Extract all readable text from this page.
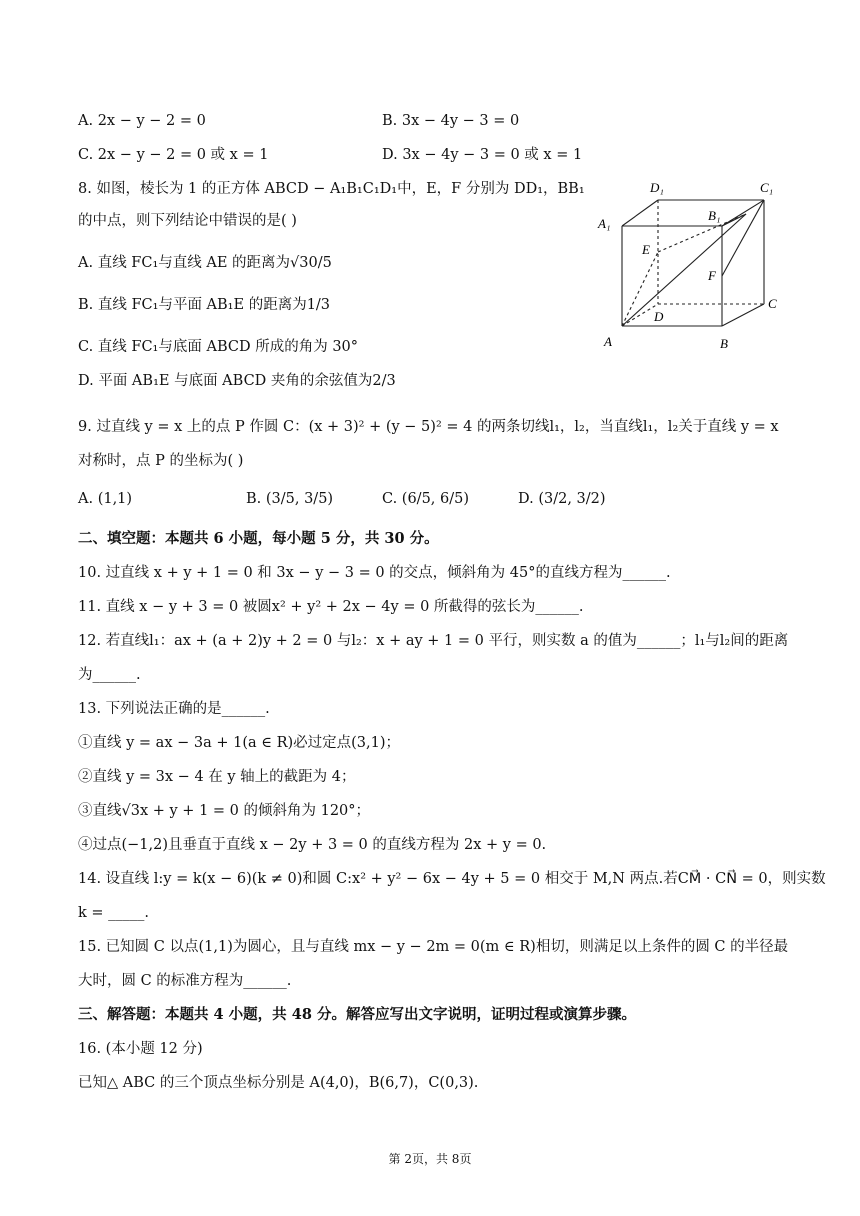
A. 2x − y − 2 = 0	B. 3x − 4y − 3 = 0
C. 2x − y − 2 = 0 或 x = 1	D. 3x − 4y − 3 = 0 或 x = 1
8. 如图，棱长为 1 的正方体 ABCD − A₁B₁C₁D₁中，E，F 分别为 DD₁，BB₁
的中点，则下列结论中错误的是( )
A. 直线 FC₁与直线 AE 的距离为√30/5
B. 直线 FC₁与平面 AB₁E 的距离为1/3
C. 直线 FC₁与底面 ABCD 所成的角为 30°
D. 平面 AB₁E 与底面 ABCD 夹角的余弦值为2/3
D₁	C₁
A₁
B₁
E
F
C
D
A	B
9. 过直线 y = x 上的点 P 作圆 C：(x + 3)² + (y − 5)² = 4 的两条切线l₁，l₂，当直线l₁，l₂关于直线 y = x
对称时，点 P 的坐标为( )
A. (1,1)	B. (3/5, 3/5)	C. (6/5, 6/5)	D. (3/2, 3/2)
二、填空题：本题共 6 小题，每小题 5 分，共 30 分。
10. 过直线 x + y + 1 = 0 和 3x − y − 3 = 0 的交点，倾斜角为 45°的直线方程为______.
11. 直线 x − y + 3 = 0 被圆x² + y² + 2x − 4y = 0 所截得的弦长为______.
12. 若直线l₁：ax + (a + 2)y + 2 = 0 与l₂：x + ay + 1 = 0 平行，则实数 a 的值为______；l₁与l₂间的距离
为______.
13. 下列说法正确的是______.
①直线 y = ax − 3a + 1(a ∈ R)必过定点(3,1)；
②直线 y = 3x − 4 在 y 轴上的截距为 4；
③直线√3x + y + 1 = 0 的倾斜角为 120°；
④过点(−1,2)且垂直于直线 x − 2y + 3 = 0 的直线方程为 2x + y = 0.
14. 设直线 l:y = k(x − 6)(k ≠ 0)和圆 C:x² + y² − 6x − 4y + 5 = 0 相交于 M,N 两点.若CM⃗ · CN⃗ = 0，则实数
k = _____.
15. 已知圆 C 以点(1,1)为圆心，且与直线 mx − y − 2m = 0(m ∈ R)相切，则满足以上条件的圆 C 的半径最
大时，圆 C 的标准方程为______.
三、解答题：本题共 4 小题，共 48 分。解答应写出文字说明，证明过程或演算步骤。
16. (本小题 12 分)
已知△ ABC 的三个顶点坐标分别是 A(4,0)，B(6,7)，C(0,3).
第 2页，共 8页
